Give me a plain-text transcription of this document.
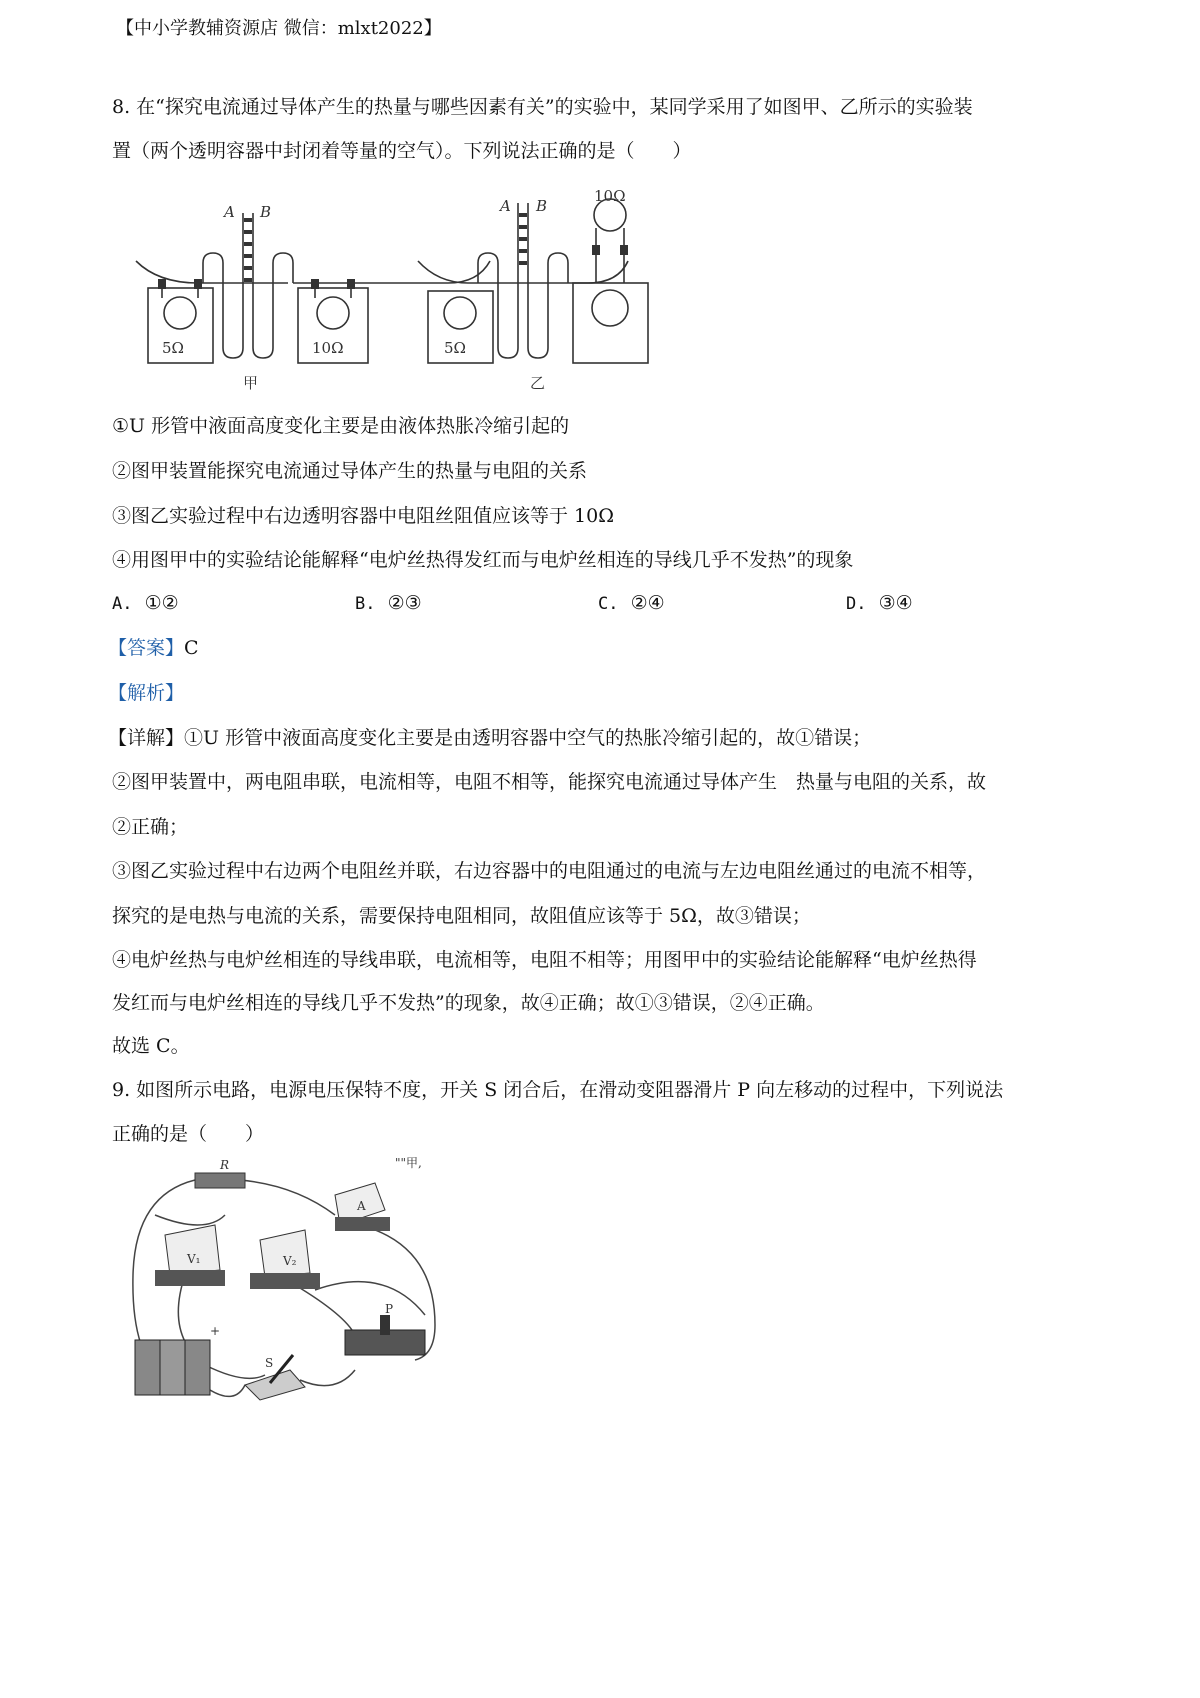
【中小学教辅资源店 微信：mlxt2022】
8. 在“探究电流通过导体产生的热量与哪些因素有关”的实验中，某同学采用了如图甲、乙所示的实验装
置（两个透明容器中封闭着等量的空气）。下列说法正确的是（　　）
A B
5Ω	10Ω
甲
A B
5Ω
10Ω
乙
①U 形管中液面高度变化主要是由液体热胀冷缩引起的
②图甲装置能探究电流通过导体产生的热量与电阻的关系
③图乙实验过程中右边透明容器中电阻丝阻值应该等于 10Ω
④用图甲中的实验结论能解释“电炉丝热得发红而与电炉丝相连的导线几乎不发热”的现象
A. ①②	B. ②③	C. ②④	D. ③④
【答案】C
【解析】
【详解】①U 形管中液面高度变化主要是由透明容器中空气的热胀冷缩引起的，故①错误；
②图甲装置中，两电阻串联，电流相等，电阻不相等，能探究电流通过导体产生　热量与电阻的关系，故
②正确；
③图乙实验过程中右边两个电阻丝并联，右边容器中的电阻通过的电流与左边电阻丝通过的电流不相等，
探究的是电热与电流的关系，需要保持电阻相同，故阻值应该等于 5Ω，故③错误；
④电炉丝热与电炉丝相连的导线串联，电流相等，电阻不相等；用图甲中的实验结论能解释“电炉丝热得
发红而与电炉丝相连的导线几乎不发热”的现象，故④正确；故①③错误，②④正确。
故选 C。
9. 如图所示电路，电源电压保特不度，开关 S 闭合后，在滑动变阻器滑片 P 向左移动的过程中，下列说法
正确的是（　　）
R
A
V₁	V₂
P
S
+
""甲,
